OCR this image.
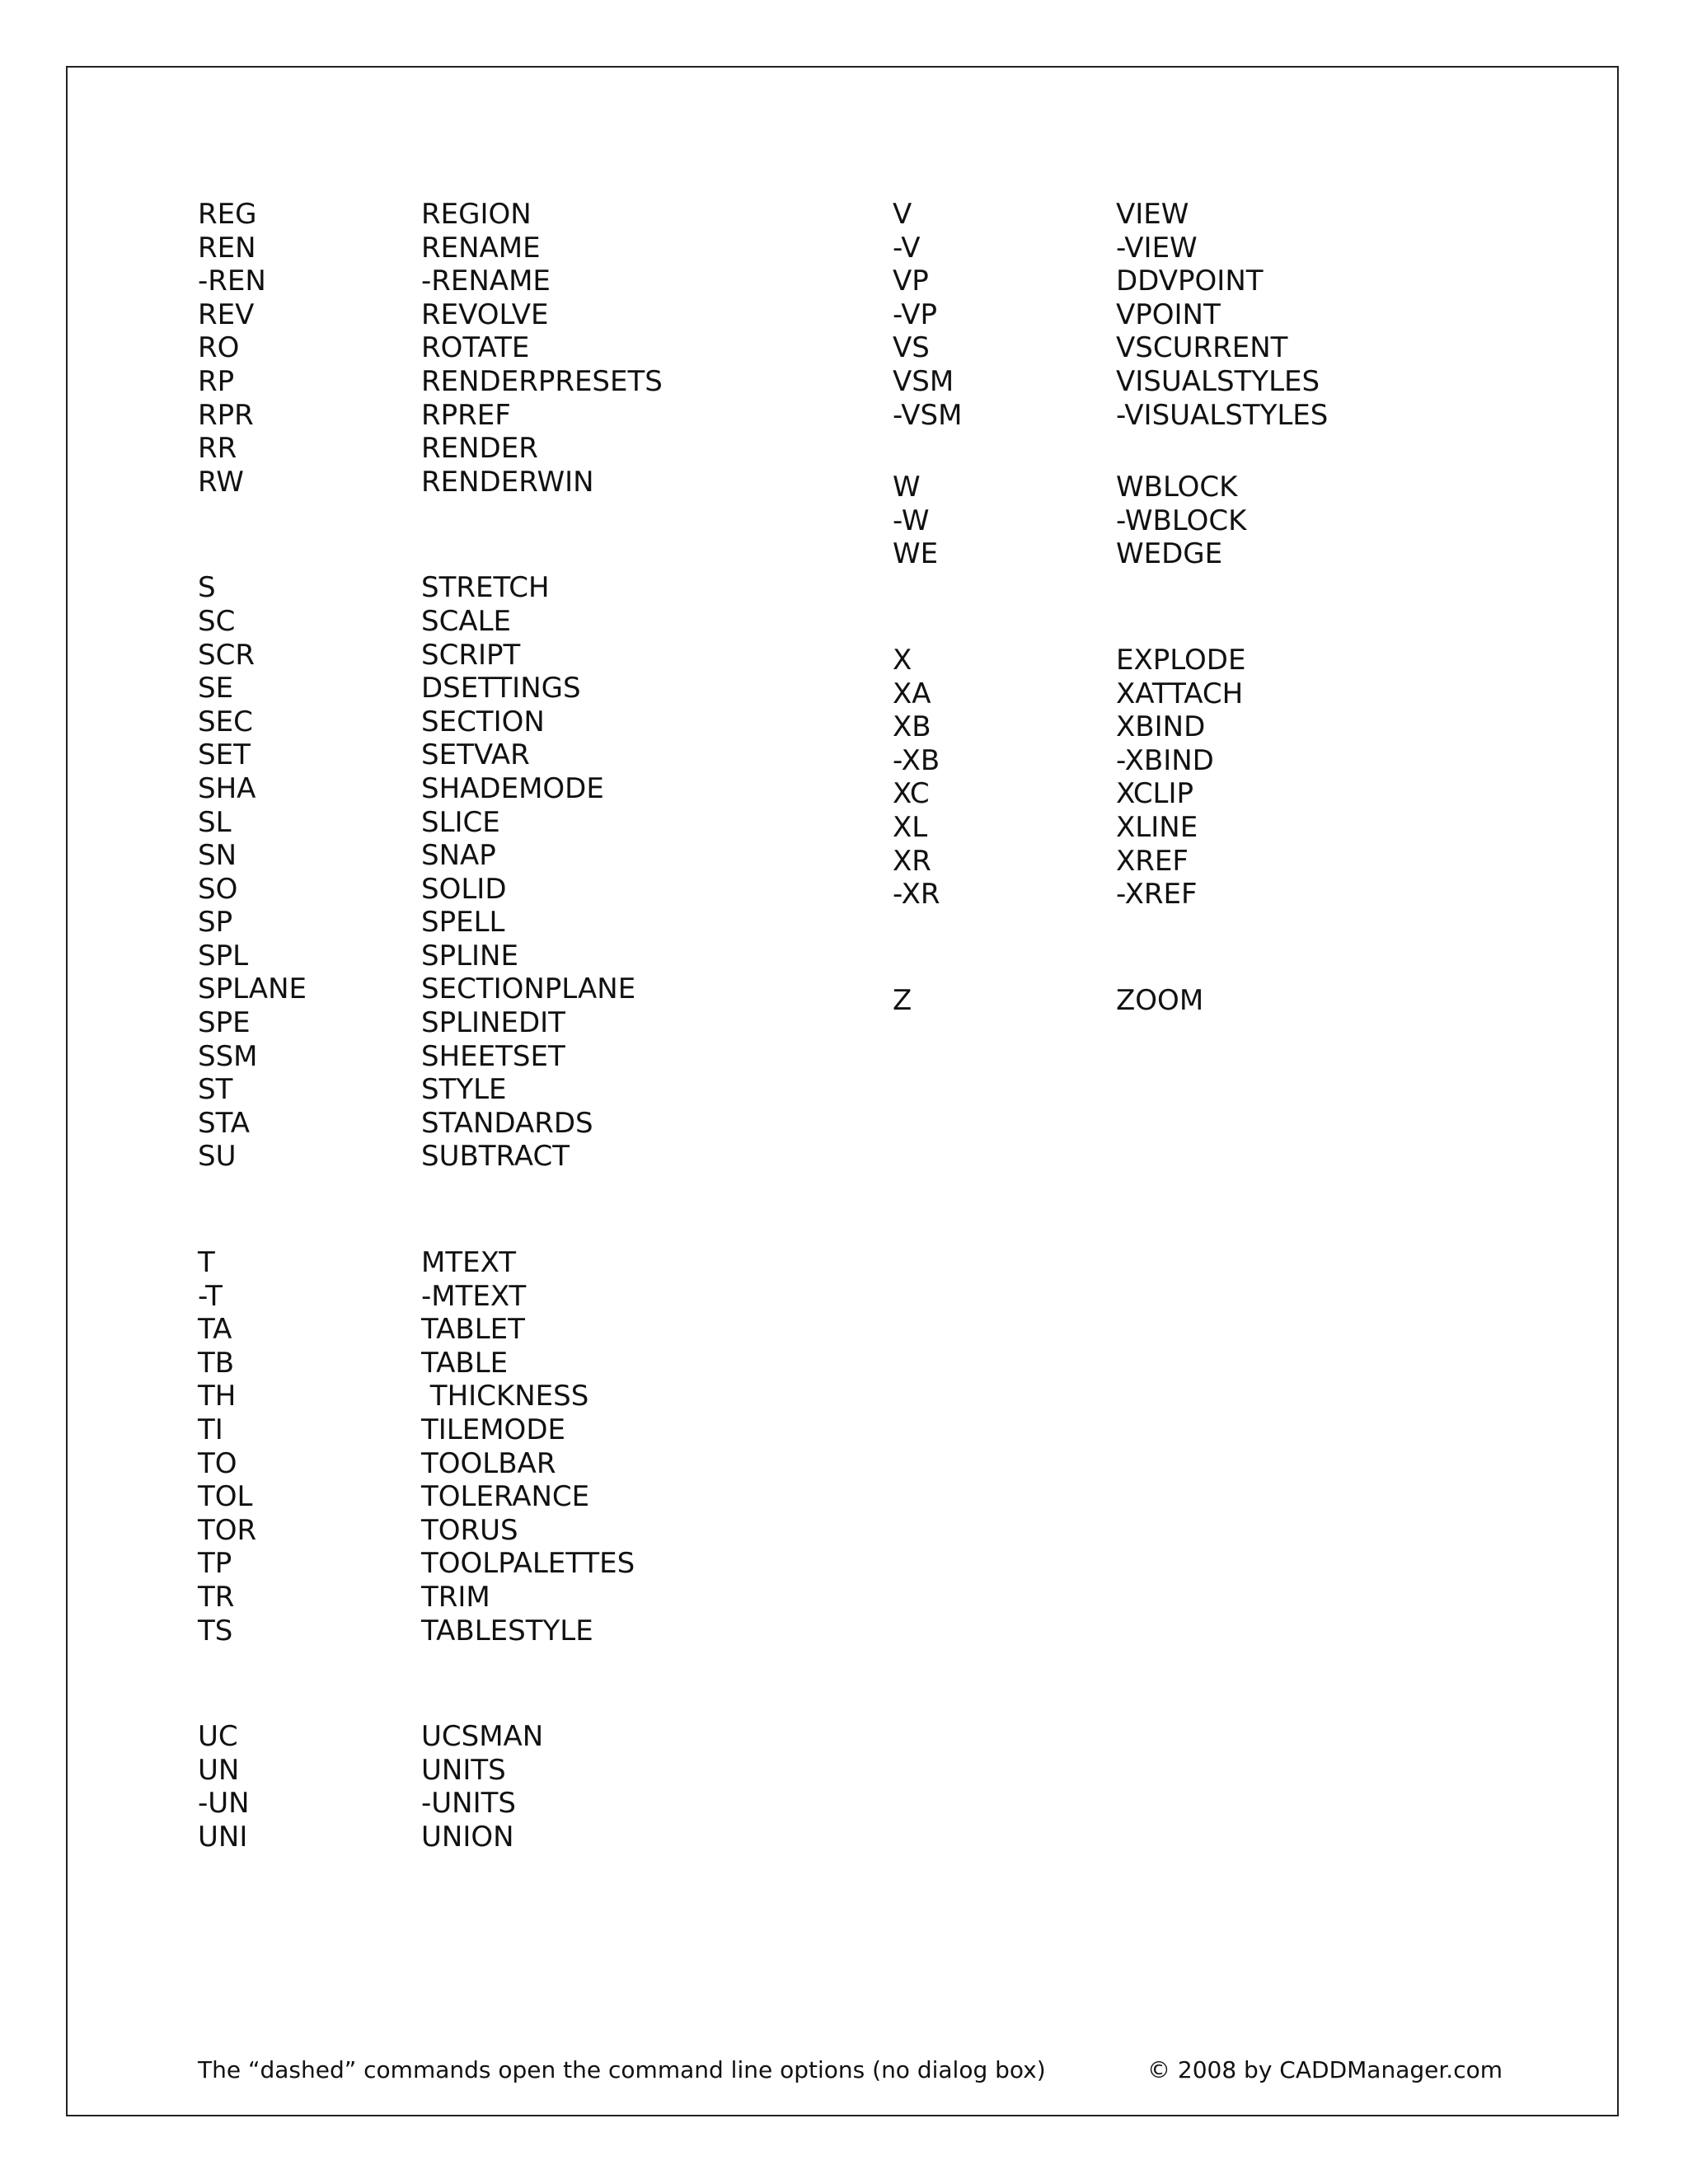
REG	REGION
REN	RENAME
-REN	-RENAME
REV	REVOLVE
RO	ROTATE
RP	RENDERPRESETS
RPR	RPREF
RR	RENDER
RW	RENDERWIN
S	STRETCH
SC	SCALE
SCR	SCRIPT
SE	DSETTINGS
SEC	SECTION
SET	SETVAR
SHA	SHADEMODE
SL	SLICE
SN	SNAP
SO	SOLID
SP	SPELL
SPL	SPLINE
SPLANE	SECTIONPLANE
SPE	SPLINEDIT
SSM	SHEETSET
ST	STYLE
STA	STANDARDS
SU	SUBTRACT
T	MTEXT
-T	-MTEXT
TA	TABLET
TB	TABLE
TH	THICKNESS
TI	TILEMODE
TO	TOOLBAR
TOL	TOLERANCE
TOR	TORUS
TP	TOOLPALETTES
TR	TRIM
TS	TABLESTYLE
UC	UCSMAN
UN	UNITS
-UN	-UNITS
UNI	UNION
V	VIEW
-V	-VIEW
VP	DDVPOINT
-VP	VPOINT
VS	VSCURRENT
VSM	VISUALSTYLES
-VSM	-VISUALSTYLES
W	WBLOCK
-W	-WBLOCK
WE	WEDGE
X	EXPLODE
XA	XATTACH
XB	XBIND
-XB	-XBIND
XC	XCLIP
XL	XLINE
XR	XREF
-XR	-XREF
Z	ZOOM
The “dashed” commands open the command line options (no dialog box)	© 2008 by CADDManager.com
